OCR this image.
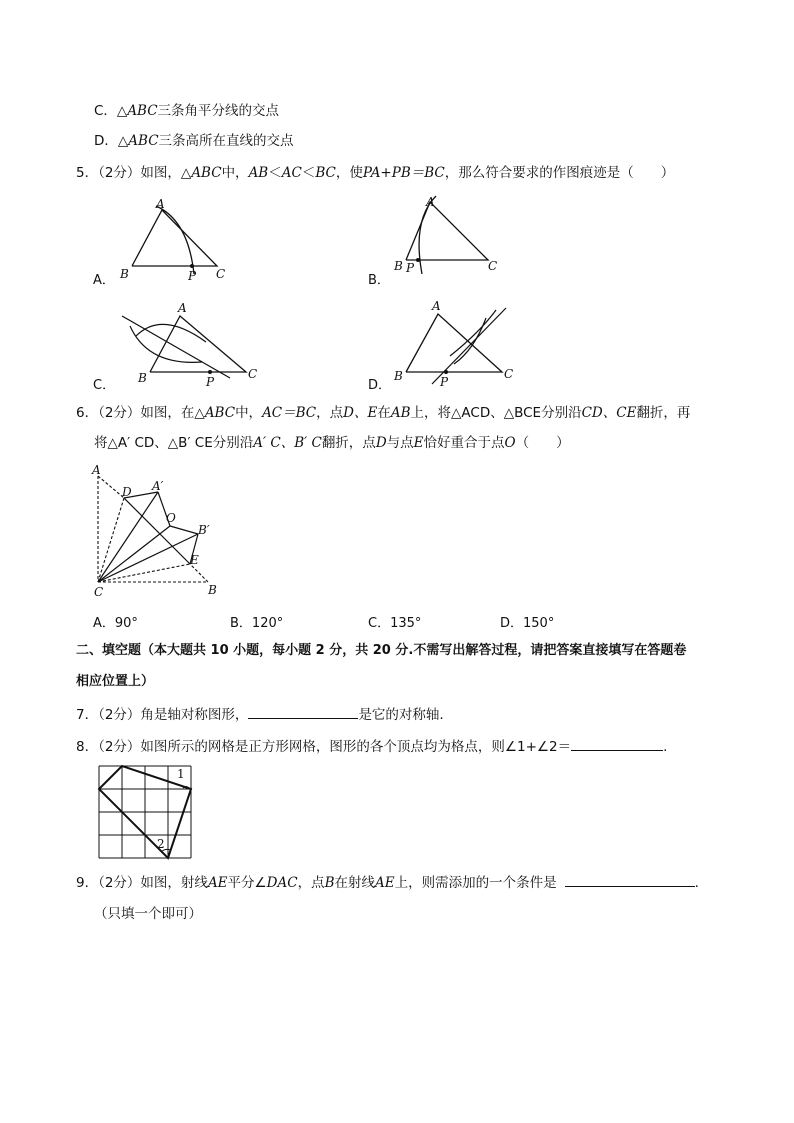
C．△ABC三条角平分线的交点
D．△ABC三条高所在直线的交点
5．（2分）如图，△ABC中，AB＜AC＜BC，使PA+PB＝BC，那么符合要求的作图痕迹是（　　）
A．
A
B	P C	B．
A
B P	C
C．
A
B	P
C
D．
A
B	P
C
6．（2分）如图，在△ABC中，AC＝BC，点D、E在AB上，将△ACD、△BCE分别沿CD、CE翻折，再
将△A′ CD、△B′ CE分别沿A′ C、B′ C翻折，点D与点E恰好重合于点O（　　）
A
D A′
O
B′
E
C	B
A．90°	B．120°	C．135°	D．150°
二、填空题（本大题共 10 小题，每小题 2 分，共 20 分.不需写出解答过程，请把答案直接填写在答题卷
相应位置上）
7．（2分）角是轴对称图形，	是它的对称轴.
8．（2分）如图所示的网格是正方形网格，图形的各个顶点均为格点，则∠1+∠2＝	.
1
2
9．（2分）如图，射线AE平分∠DAC，点B在射线AE上，则需添加的一个条件是	.
（只填一个即可）
